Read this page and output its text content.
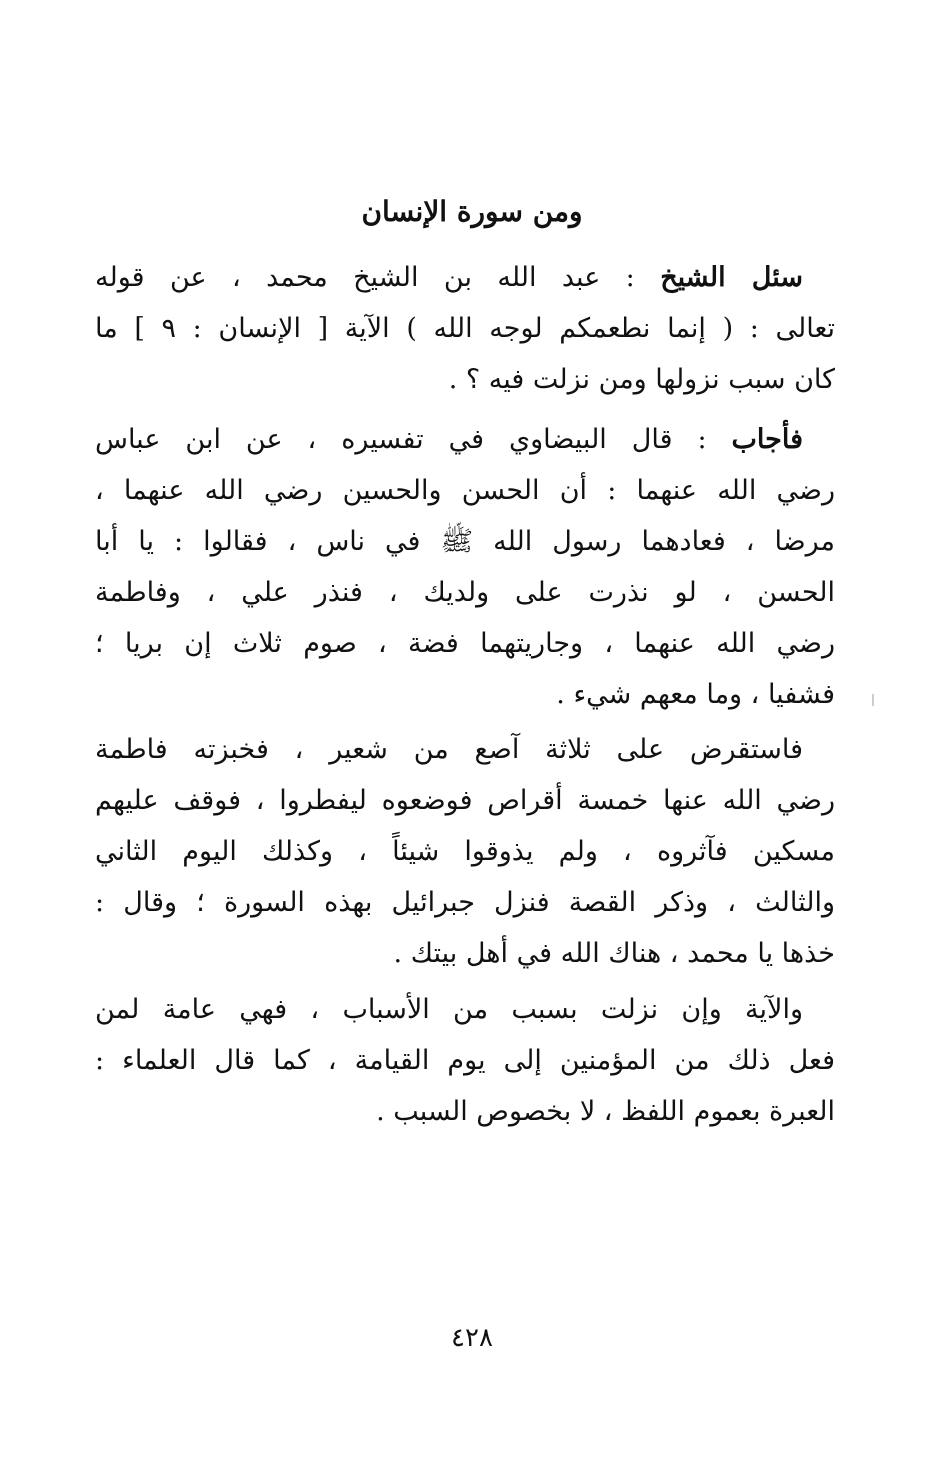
ومن سورة الإنسان
سئل الشيخ : عبد الله بن الشيخ محمد ، عن قوله
تعالى : ( إنما نطعمكم لوجه الله ) الآية [ الإنسان : ٩ ] ما
كان سبب نزولها ومن نزلت فيه ؟ .
فأجاب : قال البيضاوي في تفسيره ، عن ابن عباس
رضي الله عنهما : أن الحسن والحسين رضي الله عنهما ،
مرضا ، فعادهما رسول الله ﷺ في ناس ، فقالوا : يا أبا
الحسن ، لو نذرت على ولديك ، فنذر علي ، وفاطمة
رضي الله عنهما ، وجاريتهما فضة ، صوم ثلاث إن بريا ؛
فشفيا ، وما معهم شيء .
فاستقرض على ثلاثة آصع من شعير ، فخبزته فاطمة
رضي الله عنها خمسة أقراص فوضعوه ليفطروا ، فوقف عليهم
مسكين فآثروه ، ولم يذوقوا شيئاً ، وكذلك اليوم الثاني
والثالث ، وذكر القصة فنزل جبرائيل بهذه السورة ؛ وقال :
خذها يا محمد ، هناك الله في أهل بيتك .
والآية وإن نزلت بسبب من الأسباب ، فهي عامة لمن
فعل ذلك من المؤمنين إلى يوم القيامة ، كما قال العلماء :
العبرة بعموم اللفظ ، لا بخصوص السبب .
٤٢٨
